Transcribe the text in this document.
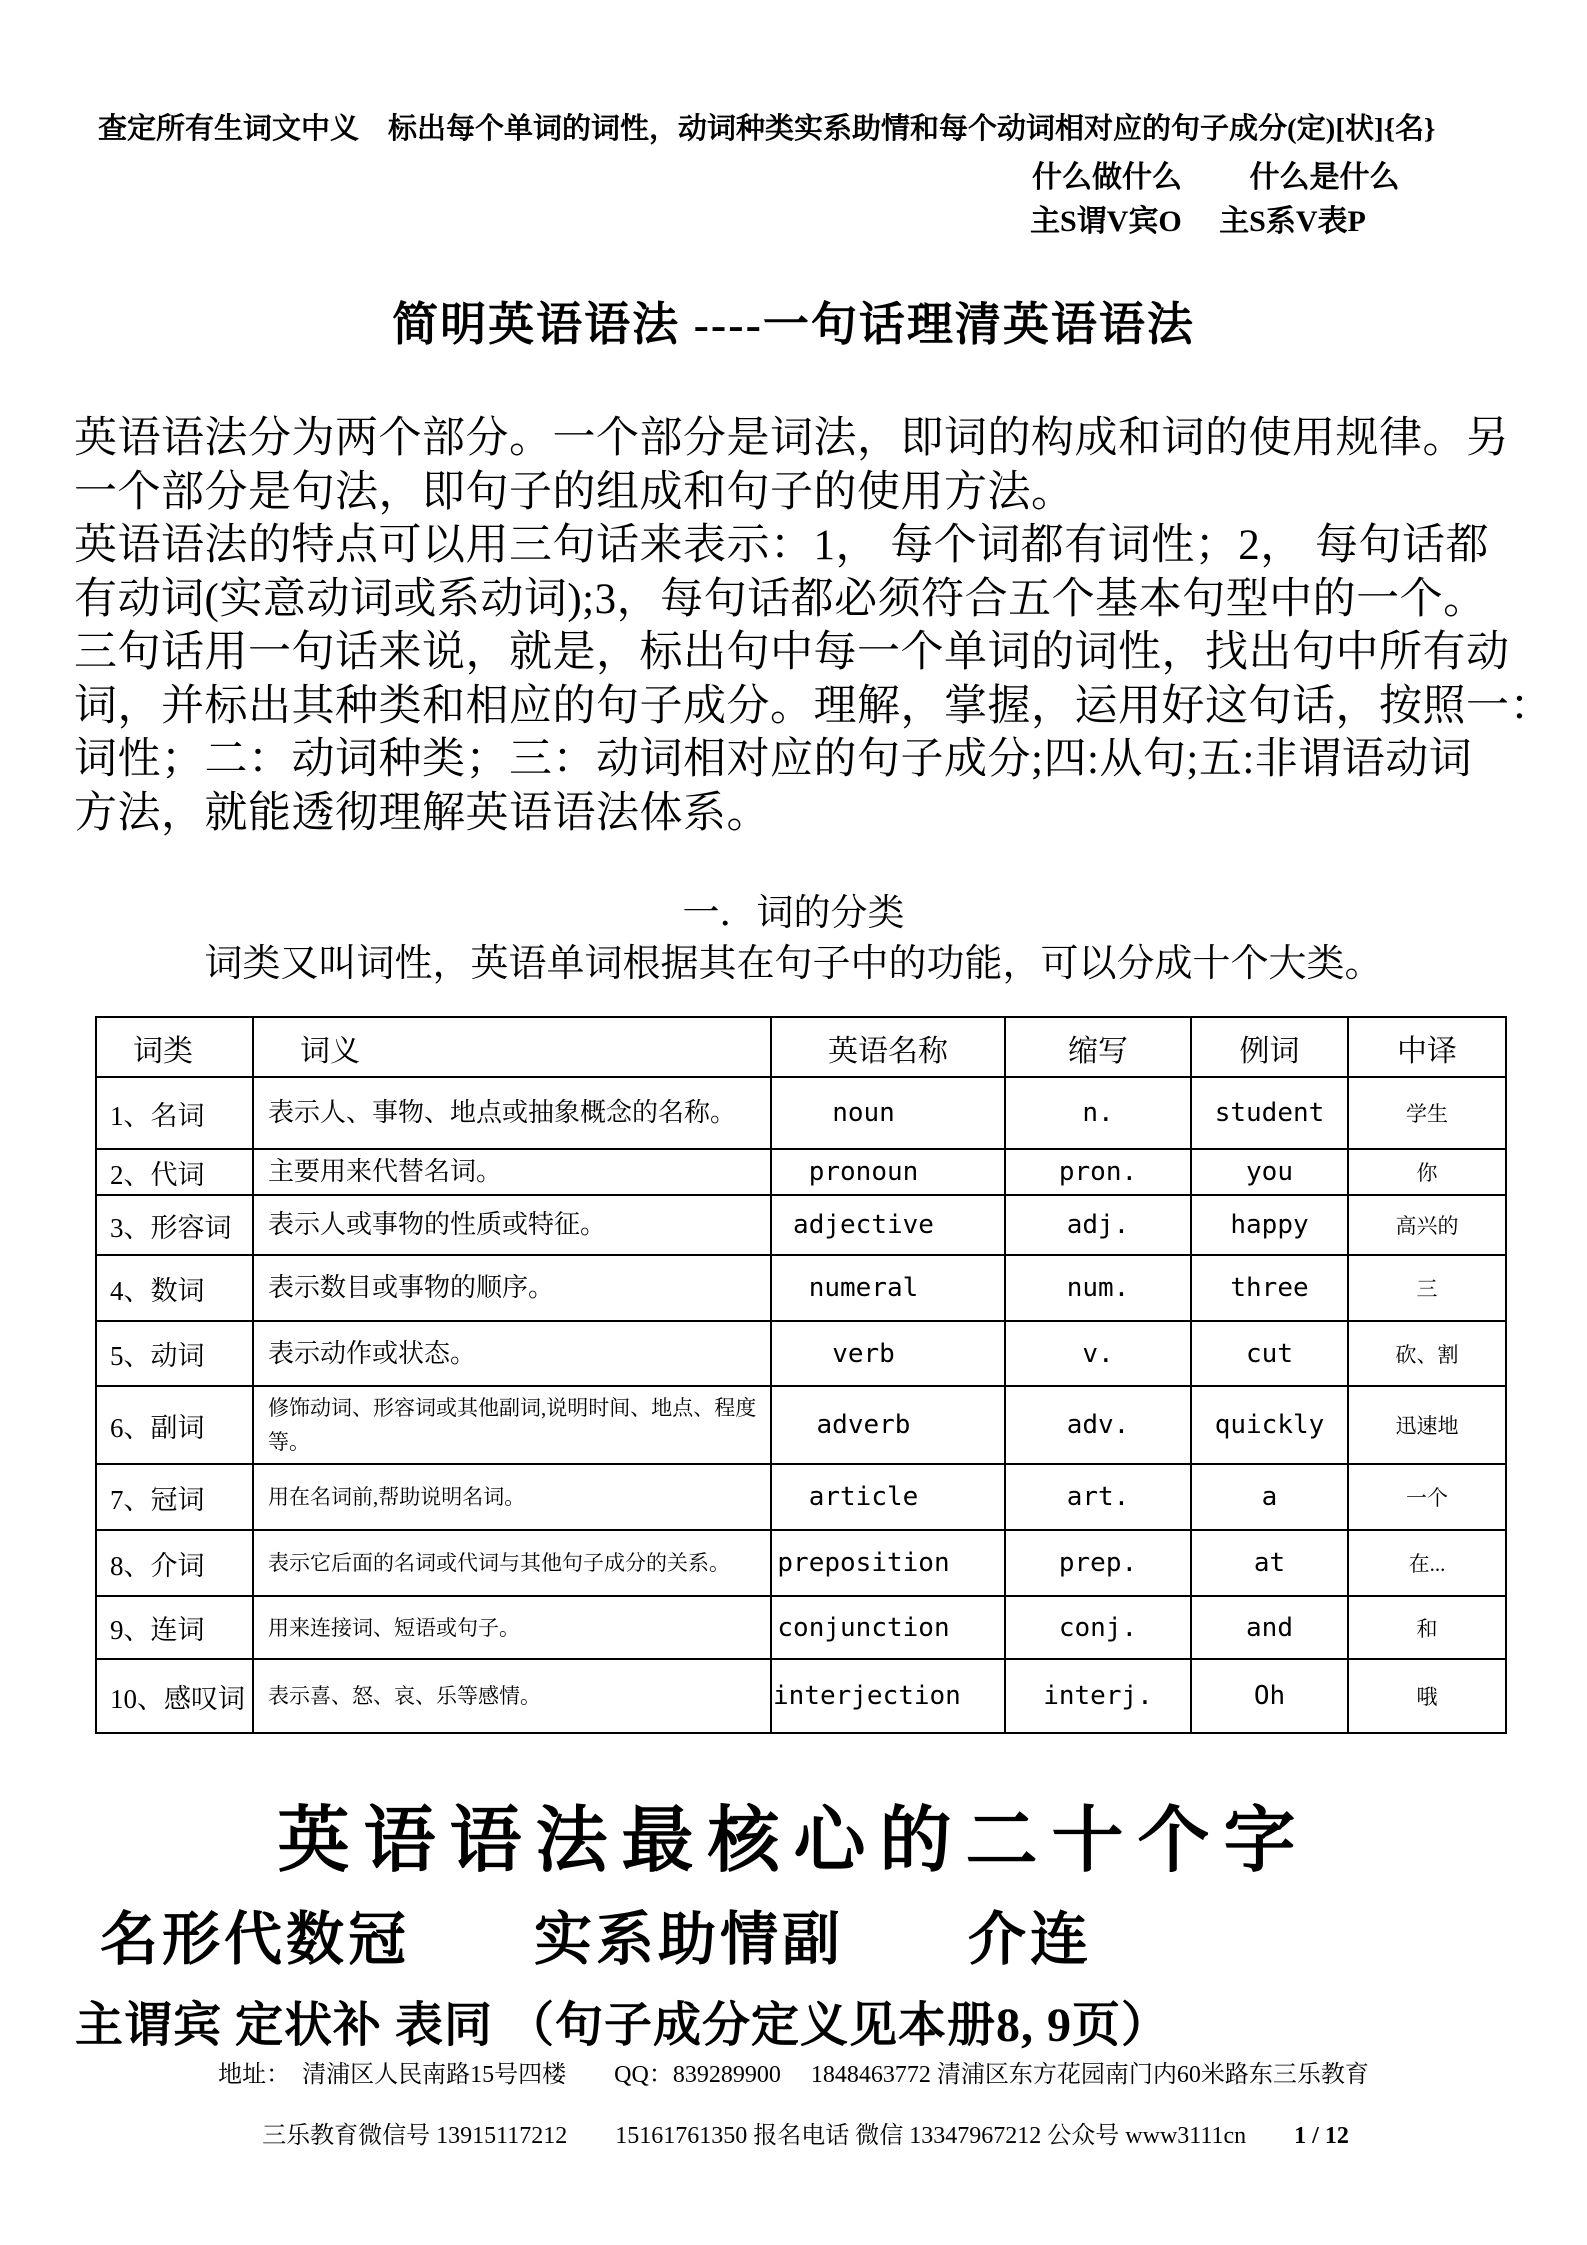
查定所有生词文中义　标出每个单词的词性，动词种类实系助情和每个动词相对应的句子成分(定)[状]{名}
什么做什么　　 什么是什么
主S谓V宾O　 主S系V表P
简明英语语法 ----一句话理清英语语法
英语语法分为两个部分。一个部分是词法，即词的构成和词的使用规律。另
一个部分是句法，即句子的组成和句子的使用方法。
英语语法的特点可以用三句话来表示：1， 每个词都有词性；2， 每句话都
有动词(实意动词或系动词);3，每句话都必须符合五个基本句型中的一个。
三句话用一句话来说，就是，标出句中每一个单词的词性，找出句中所有动
词，并标出其种类和相应的句子成分。理解，掌握，运用好这句话，按照一：
词性；二：动词种类；三：动词相对应的句子成分;四:从句;五:非谓语动词
方法，就能透彻理解英语语法体系。
一．词的分类
词类又叫词性，英语单词根据其在句子中的功能，可以分成十个大类。
词类	词义	英语名称	缩写	例词	中译
1、名词	表示人、事物、地点或抽象概念的名称。	noun	n.	student	学生
2、代词	主要用来代替名词。	pronoun	pron.	you	你
3、形容词	表示人或事物的性质或特征。	adjective	adj.	happy	高兴的
4、数词	表示数目或事物的顺序。	numeral	num.	three	三
5、动词	表示动作或状态。	verb	v.	cut	砍、割
6、副词	修饰动词、形容词或其他副词,说明时间、地点、程度等。	adverb	adv.	quickly	迅速地
7、冠词	用在名词前,帮助说明名词。	article	art.	a	一个
8、介词	表示它后面的名词或代词与其他句子成分的关系。	preposition	prep.	at	在...
9、连词	用来连接词、短语或句子。	conjunction	conj.	and	和
10、感叹词	表示喜、怒、哀、乐等感情。	interjection	interj.	Oh	哦
英语语法最核心的二十个字
名形代数冠　　实系助情副　　介连
主谓宾 定状补 表同 （句子成分定义见本册8, 9页）
地址：　清浦区人民南路15号四楼　　QQ：839289900　 1848463772 清浦区东方花园南门内60米路东三乐教育

三乐教育微信号 13915117212　　15161761350 报名电话 微信 13347967212 公众号 www3111cn 1 / 12
